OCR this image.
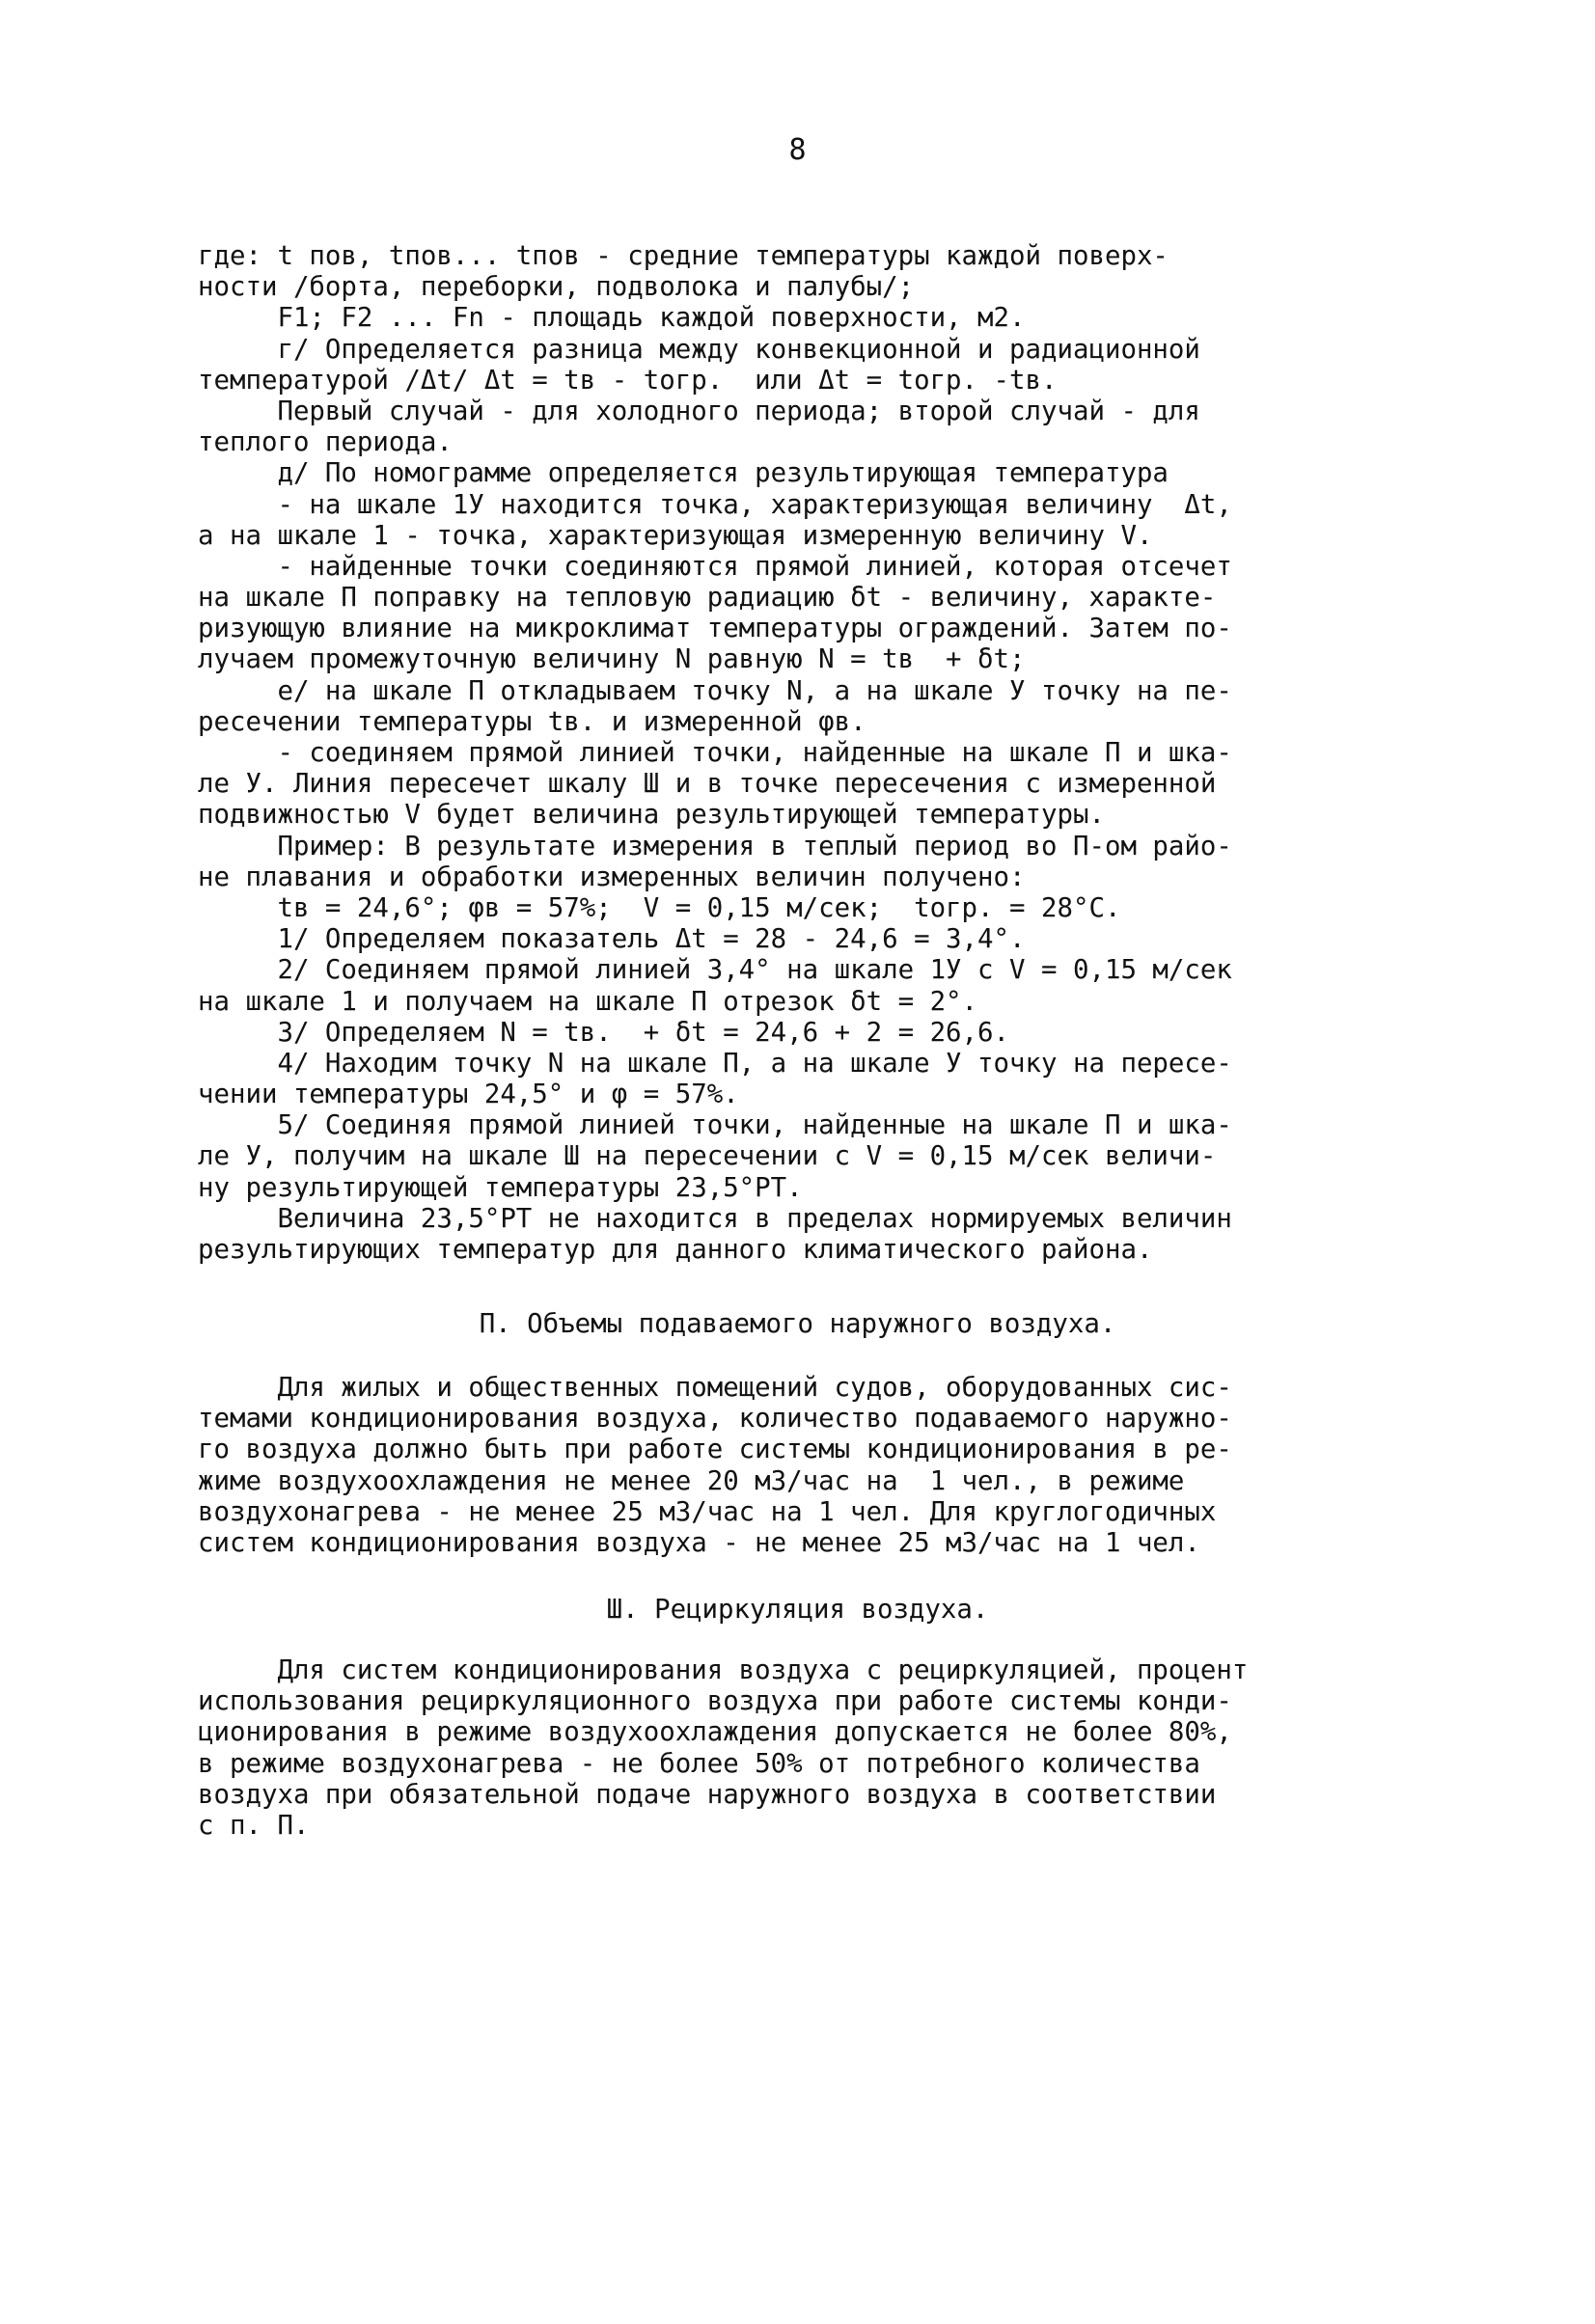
8
где: t пов, tпов... tпов - средние температуры каждой поверх-
ности /борта, переборки, подволока и палубы/;
F1; F2 ... Fn - площадь каждой поверхности, м2.
г/ Определяется разница между конвекционной и радиационной
температурой /Δt/ Δt = tв - tогр.  или Δt = tогр. -tв.
Первый случай - для холодного периода; второй случай - для
теплого периода.
д/ По номограмме определяется результирующая температура
- на шкале 1У находится точка, характеризующая величину  Δt,
а на шкале 1 - точка, характеризующая измеренную величину V.
- найденные точки соединяются прямой линией, которая отсечет
на шкале П поправку на тепловую радиацию δt - величину, характе-
ризующую влияние на микроклимат температуры ограждений. Затем по-
лучаем промежуточную величину N равную N = tв  + δt;
е/ на шкале П откладываем точку N, а на шкале У точку на пе-
ресечении температуры tв. и измеренной φв.
- соединяем прямой линией точки, найденные на шкале П и шка-
ле У. Линия пересечет шкалу Ш и в точке пересечения с измеренной
подвижностью V будет величина результирующей температуры.
Пример: В результате измерения в теплый период во П-ом райо-
не плавания и обработки измеренных величин получено:
tв = 24,6°; φв = 57%;  V = 0,15 м/сек;  tогр. = 28°С.
1/ Определяем показатель Δt = 28 - 24,6 = 3,4°.
2/ Соединяем прямой линией 3,4° на шкале 1У с V = 0,15 м/сек
на шкале 1 и получаем на шкале П отрезок δt = 2°.
3/ Определяем N = tв.  + δt = 24,6 + 2 = 26,6.
4/ Находим точку N на шкале П, а на шкале У точку на пересе-
чении температуры 24,5° и φ = 57%.
5/ Соединяя прямой линией точки, найденные на шкале П и шка-
ле У, получим на шкале Ш на пересечении с V = 0,15 м/сек величи-
ну результирующей температуры 23,5°РТ.
Величина 23,5°РТ не находится в пределах нормируемых величин
результирующих температур для данного климатического района.
П. Объемы подаваемого наружного воздуха.
Для жилых и общественных помещений судов, оборудованных сис-
темами кондиционирования воздуха, количество подаваемого наружно-
го воздуха должно быть при работе системы кондиционирования в ре-
жиме воздухоохлаждения не менее 20 м3/час на  1 чел., в режиме
воздухонагрева - не менее 25 м3/час на 1 чел. Для круглогодичных
систем кондиционирования воздуха - не менее 25 м3/час на 1 чел.
Ш. Рециркуляция воздуха.
Для систем кондиционирования воздуха с рециркуляцией, процент
использования рециркуляционного воздуха при работе системы конди-
ционирования в режиме воздухоохлаждения допускается не более 80%,
в режиме воздухонагрева - не более 50% от потребного количества
воздуха при обязательной подаче наружного воздуха в соответствии
с п. П.
